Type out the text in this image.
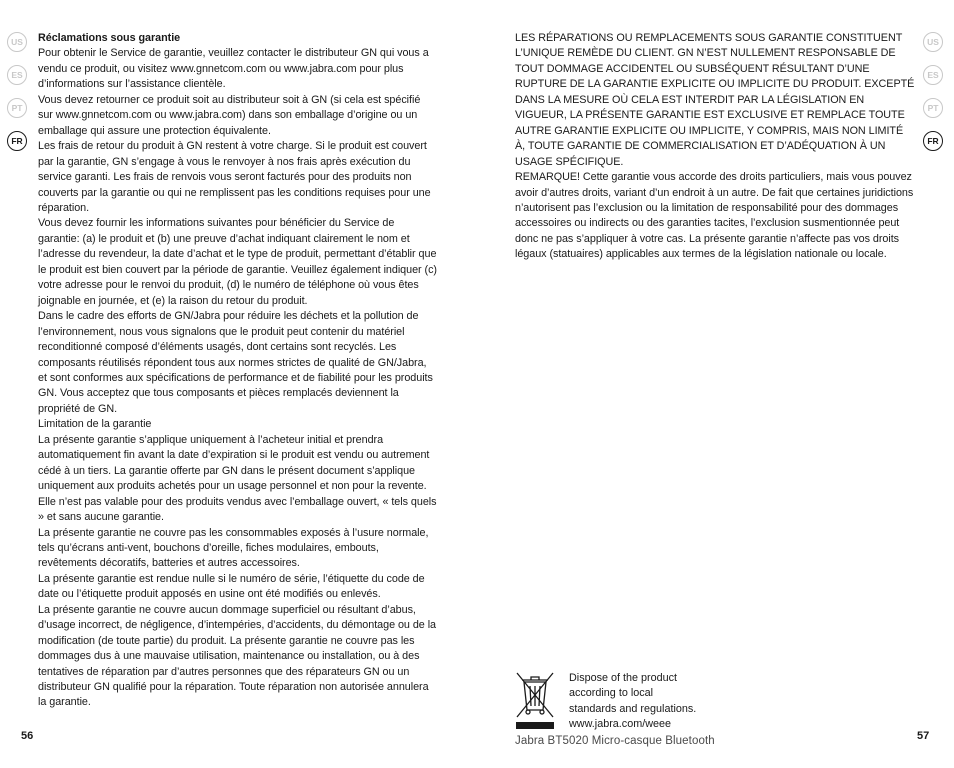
US
ES
PT
FR

Réclamations sous garantie

Pour obtenir le Service de garantie, veuillez contacter le distributeur GN qui vous a vendu ce produit, ou visitez www.gnnetcom.com ou www.jabra.com pour plus d’informations sur l’assistance clientèle.

Vous devez retourner ce produit soit au distributeur soit à GN (si cela est spécifié sur www.gnnetcom.com ou www.jabra.com) dans son emballage d’origine ou un emballage qui assure une protection équivalente.

Les frais de retour du produit à GN restent à votre charge. Si le produit est couvert par la garantie, GN s’engage à vous le renvoyer à nos frais après exécution du service garanti. Les frais de renvois vous seront facturés pour des produits non couverts par la garantie ou qui ne remplissent pas les conditions requises pour une réparation.

Vous devez fournir les informations suivantes pour bénéficier du Service de garantie: (a) le produit et (b) une preuve d’achat indiquant clairement le nom et l’adresse du revendeur, la date d’achat et le type de produit, permettant d’établir que le produit est bien couvert par la période de garantie. Veuillez également indiquer (c) votre adresse pour le renvoi du produit, (d) le numéro de téléphone où vous êtes joignable en journée, et (e) la raison du retour du produit.

Dans le cadre des efforts de GN/Jabra pour réduire les déchets et la pollution de l’environnement, nous vous signalons que le produit peut contenir du matériel reconditionné composé d’éléments usagés, dont certains sont recyclés. Les composants réutilisés répondent tous aux normes strictes de qualité de GN/Jabra, et sont conformes aux spécifications de performance et de fiabilité pour les produits GN. Vous acceptez que tous composants et pièces remplacés deviennent la propriété de GN.

Limitation de la garantie

La présente garantie s’applique uniquement à l’acheteur initial et prendra automatiquement fin avant la date d’expiration si le produit est vendu ou autrement cédé à un tiers. La garantie offerte par GN dans le présent document s’applique uniquement aux produits achetés pour un usage personnel et non pour la revente. Elle n’est pas valable pour des produits vendus avec l’emballage ouvert, « tels quels » et sans aucune garantie.

La présente garantie ne couvre pas les consommables exposés à l’usure normale, tels qu’écrans anti-vent, bouchons d’oreille, fiches modulaires, embouts, revêtements décoratifs, batteries et autres accessoires.

La présente garantie est rendue nulle si le numéro de série, l’étiquette du code de date ou l’étiquette produit apposés en usine ont été modifiés ou enlevés.

La présente garantie ne couvre aucun dommage superficiel ou résultant d’abus, d’usage incorrect, de négligence, d’intempéries, d’accidents, du démontage ou de la modification (de toute partie) du produit. La présente garantie ne couvre pas les dommages dus à une mauvaise utilisation, maintenance ou installation, ou à des tentatives de réparation par d’autres personnes que des réparateurs GN ou un distributeur GN qualifié pour la réparation. Toute réparation non autorisée annulera la garantie.

56

LES RÉPARATIONS OU REMPLACEMENTS SOUS GARANTIE CONSTITUENT L’UNIQUE REMÈDE DU CLIENT. GN N’EST NULLEMENT RESPONSABLE DE TOUT DOMMAGE ACCIDENTEL OU SUBSÉQUENT RÉSULTANT D’UNE RUPTURE DE LA GARANTIE EXPLICITE OU IMPLICITE DU PRODUIT. EXCEPTÉ DANS LA MESURE OÙ CELA EST INTERDIT PAR LA LÉGISLATION EN VIGUEUR, LA PRÉSENTE GARANTIE EST EXCLUSIVE ET REMPLACE TOUTE AUTRE GARANTIE EXPLICITE OU IMPLICITE, Y COMPRIS, MAIS NON LIMITÉ À, TOUTE GARANTIE DE COMMERCIALISATION ET D’ADÉQUATION À UN USAGE SPÉCIFIQUE.

REMARQUE! Cette garantie vous accorde des droits particuliers, mais vous pouvez avoir d’autres droits, variant d’un endroit à un autre. De fait que certaines juridictions n’autorisent pas l’exclusion ou la limitation de responsabilité pour des dommages accessoires ou indirects ou des garanties tacites, l’exclusion susmentionnée peut donc ne pas s’appliquer à votre cas. La présente garantie n’affecte pas vos droits légaux (statuaires) applicables aux termes de la législation nationale ou locale.

US
ES
PT
FR
Dispose of the product
according to local
standards and regulations.
www.jabra.com/weee
Jabra BT5020 Micro-casque Bluetooth	57
